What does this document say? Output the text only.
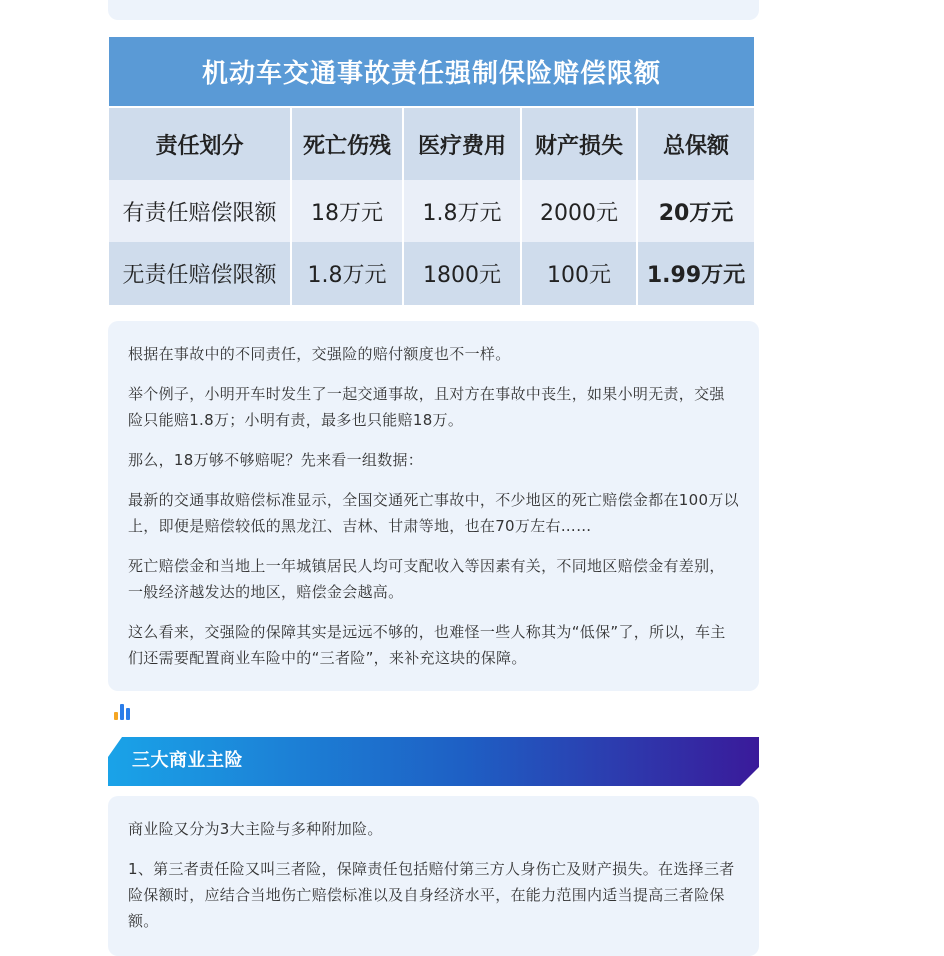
机动车交通事故责任强制保险赔偿限额
责任划分	死亡伤残	医疗费用	财产损失	总保额
有责任赔偿限额	18万元	1.8万元	2000元	20万元
无责任赔偿限额	1.8万元	1800元	100元	1.99万元

根据在事故中的不同责任，交强险的赔付额度也不一样。

举个例子，小明开车时发生了一起交通事故，且对方在事故中丧生，如果小明无责，交强险只能赔1.8万；小明有责，最多也只能赔18万。

那么，18万够不够赔呢？先来看一组数据：

最新的交通事故赔偿标准显示，全国交通死亡事故中，不少地区的死亡赔偿金都在100万以上，即便是赔偿较低的黑龙江、吉林、甘肃等地，也在70万左右……

死亡赔偿金和当地上一年城镇居民人均可支配收入等因素有关，不同地区赔偿金有差别，一般经济越发达的地区，赔偿金会越高。

这么看来，交强险的保障其实是远远不够的，也难怪一些人称其为“低保”了，所以，车主们还需要配置商业车险中的“三者险”，来补充这块的保障。

三大商业主险

商业险又分为3大主险与多种附加险。

1、第三者责任险又叫三者险，保障责任包括赔付第三方人身伤亡及财产损失。在选择三者险保额时，应结合当地伤亡赔偿标准以及自身经济水平，在能力范围内适当提高三者险保额。
